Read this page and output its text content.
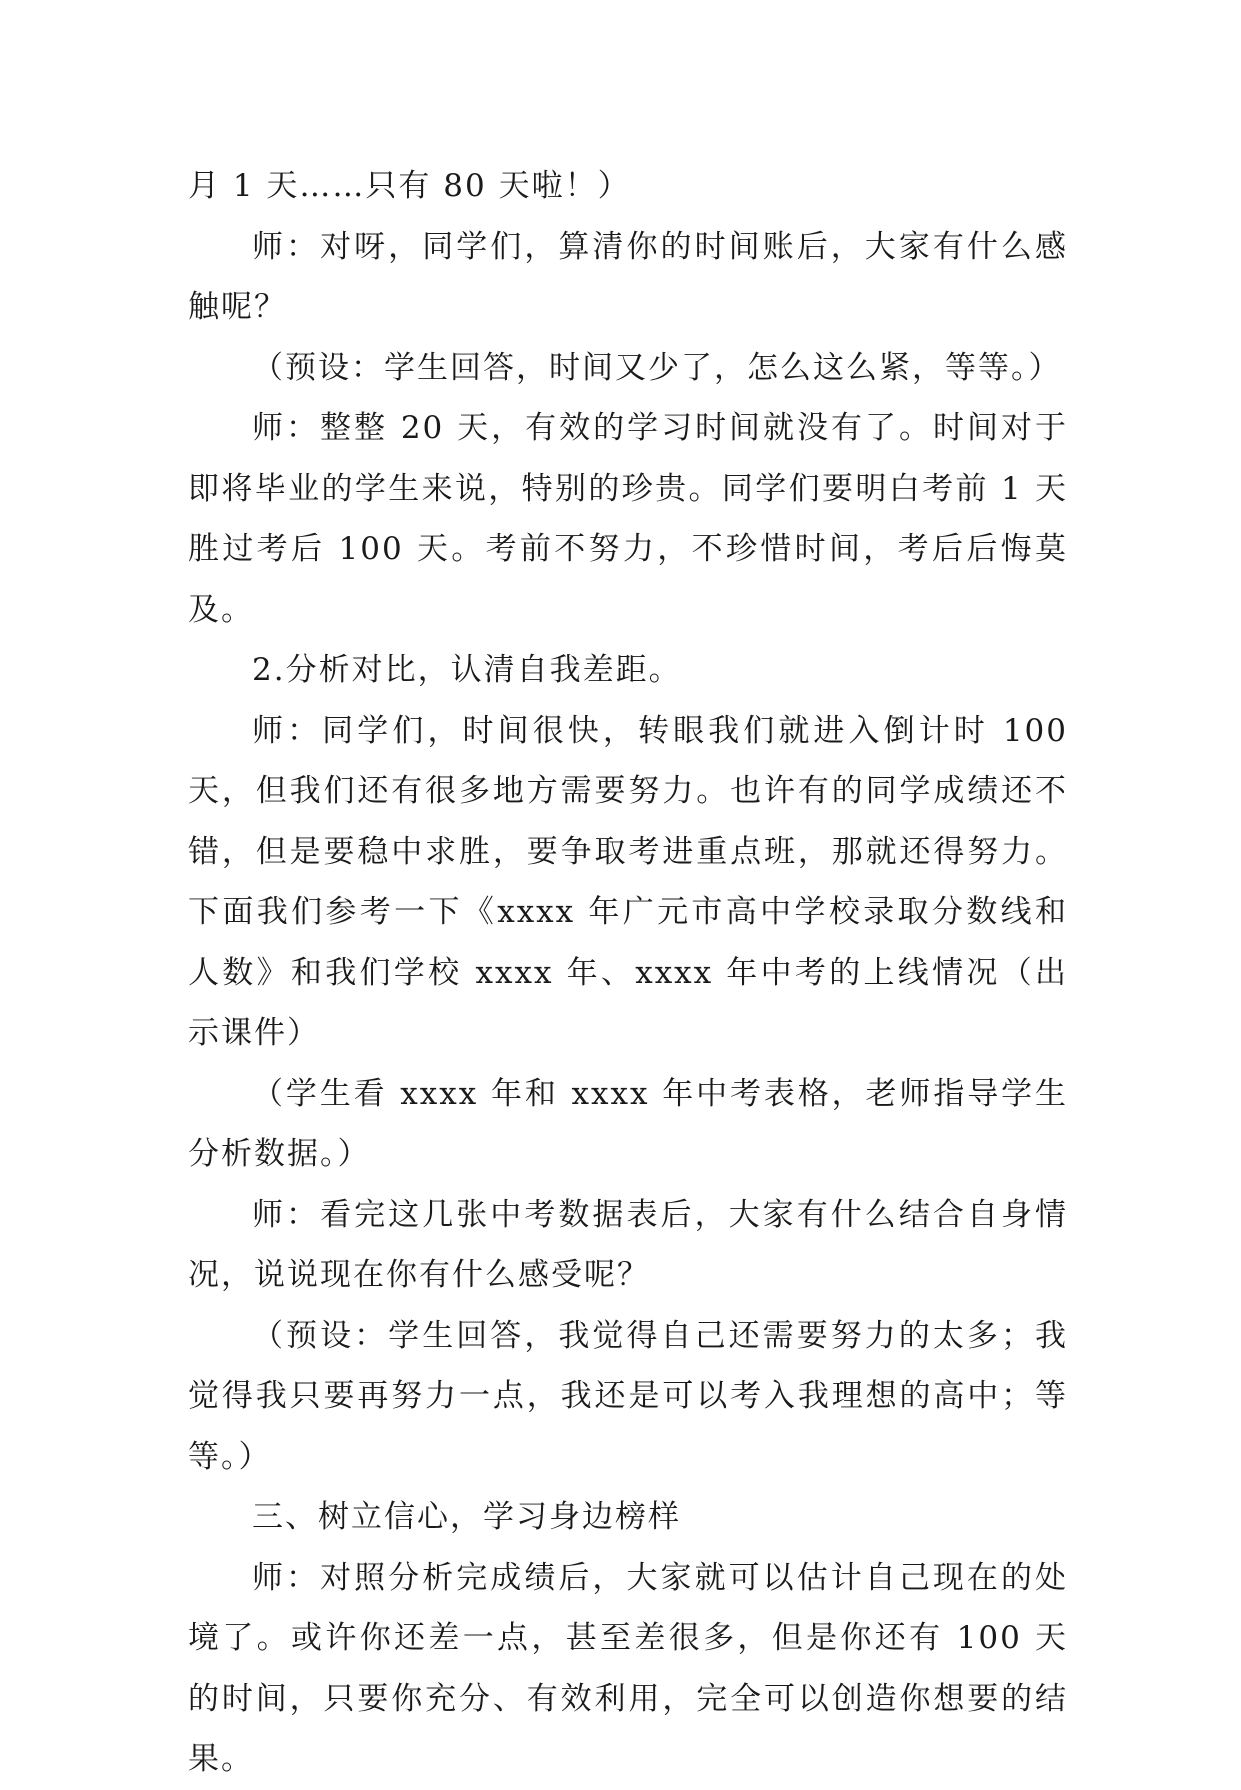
月 1 天……只有 80 天啦！）

师：对呀，同学们，算清你的时间账后，大家有什么感触呢？

（预设：学生回答，时间又少了，怎么这么紧，等等。）

师：整整 20 天，有效的学习时间就没有了。时间对于即将毕业的学生来说，特别的珍贵。同学们要明白考前 1 天胜过考后 100 天。考前不努力，不珍惜时间，考后后悔莫及。

2.分析对比，认清自我差距。

师：同学们，时间很快，转眼我们就进入倒计时 100 天，但我们还有很多地方需要努力。也许有的同学成绩还不错，但是要稳中求胜，要争取考进重点班，那就还得努力。下面我们参考一下《xxxx 年广元市高中学校录取分数线和人数》和我们学校 xxxx 年、xxxx 年中考的上线情况（出示课件）

（学生看 xxxx 年和 xxxx 年中考表格，老师指导学生分析数据。）

师：看完这几张中考数据表后，大家有什么结合自身情况，说说现在你有什么感受呢？

（预设：学生回答，我觉得自己还需要努力的太多；我觉得我只要再努力一点，我还是可以考入我理想的高中；等等。）

三、树立信心，学习身边榜样

师：对照分析完成绩后，大家就可以估计自己现在的处境了。或许你还差一点，甚至差很多，但是你还有 100 天的时间，只要你充分、有效利用，完全可以创造你想要的结果。
